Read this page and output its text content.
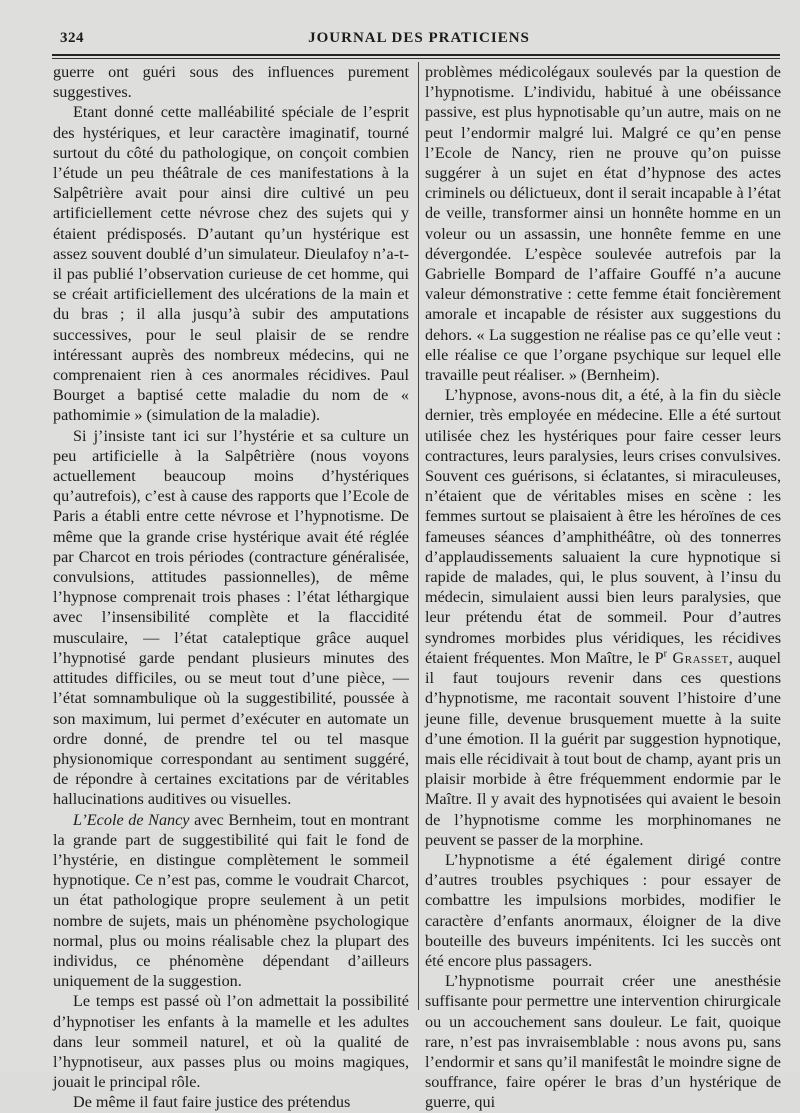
324	JOURNAL DES PRATICIENS

guerre ont guéri sous des influences purement suggestives.

Etant donné cette malléabilité spéciale de l’esprit des hystériques, et leur caractère imaginatif, tourné surtout du côté du pathologique, on conçoit combien l’étude un peu théâtrale de ces manifestations à la Salpêtrière avait pour ainsi dire cultivé un peu artificiellement cette névrose chez des sujets qui y étaient prédisposés. D’autant qu’un hystérique est assez souvent doublé d’un simulateur. Dieulafoy n’a-t-il pas publié l’observation curieuse de cet homme, qui se créait artificiellement des ulcérations de la main et du bras ; il alla jusqu’à subir des amputations successives, pour le seul plaisir de se rendre intéressant auprès des nombreux médecins, qui ne comprenaient rien à ces anormales récidives. Paul Bourget a baptisé cette maladie du nom de « pathomimie » (simulation de la maladie).

Si j’insiste tant ici sur l’hystérie et sa culture un peu artificielle à la Salpêtrière (nous voyons actuellement beaucoup moins d’hystériques qu’autrefois), c’est à cause des rapports que l’Ecole de Paris a établi entre cette névrose et l’hypnotisme. De même que la grande crise hystérique avait été réglée par Charcot en trois périodes (contracture généralisée, convulsions, attitudes passionnelles), de même l’hypnose comprenait trois phases : l’état léthargique avec l’insensibilité complète et la flaccidité musculaire, — l’état cataleptique grâce auquel l’hypnotisé garde pendant plusieurs minutes des attitudes difficiles, ou se meut tout d’une pièce, — l’état somnambulique où la suggestibilité, poussée à son maximum, lui permet d’exécuter en automate un ordre donné, de prendre tel ou tel masque physionomique correspondant au sentiment suggéré, de répondre à certaines excitations par de véritables hallucinations auditives ou visuelles.

L’Ecole de Nancy avec Bernheim, tout en montrant la grande part de suggestibilité qui fait le fond de l’hystérie, en distingue complètement le sommeil hypnotique. Ce n’est pas, comme le voudrait Charcot, un état pathologique propre seulement à un petit nombre de sujets, mais un phénomène psychologique normal, plus ou moins réalisable chez la plupart des individus, ce phénomène dépendant d’ailleurs uniquement de la suggestion.

Le temps est passé où l’on admettait la possibilité d’hypnotiser les enfants à la mamelle et les adultes dans leur sommeil naturel, et où la qualité de l’hypnotiseur, aux passes plus ou moins magiques, jouait le principal rôle.

De même il faut faire justice des prétendus

problèmes médicolégaux soulevés par la question de l’hypnotisme. L’individu, habitué à une obéissance passive, est plus hypnotisable qu’un autre, mais on ne peut l’endormir malgré lui. Malgré ce qu’en pense l’Ecole de Nancy, rien ne prouve qu’on puisse suggérer à un sujet en état d’hypnose des actes criminels ou délictueux, dont il serait incapable à l’état de veille, transformer ainsi un honnête homme en un voleur ou un assassin, une honnête femme en une dévergondée. L’espèce soulevée autrefois par la Gabrielle Bompard de l’affaire Gouffé n’a aucune valeur démonstrative : cette femme était foncièrement amorale et incapable de résister aux suggestions du dehors. « La suggestion ne réalise pas ce qu’elle veut : elle réalise ce que l’organe psychique sur lequel elle travaille peut réaliser. » (Bernheim).

L’hypnose, avons-nous dit, a été, à la fin du siècle dernier, très employée en médecine. Elle a été surtout utilisée chez les hystériques pour faire cesser leurs contractures, leurs paralysies, leurs crises convulsives. Souvent ces guérisons, si éclatantes, si miraculeuses, n’étaient que de véritables mises en scène : les femmes surtout se plaisaient à être les héroïnes de ces fameuses séances d’amphithéâtre, où des tonnerres d’applaudissements saluaient la cure hypnotique si rapide de malades, qui, le plus souvent, à l’insu du médecin, simulaient aussi bien leurs paralysies, que leur prétendu état de sommeil. Pour d’autres syndromes morbides plus véridiques, les récidives étaient fréquentes. Mon Maître, le $P^r$ Grasset, auquel il faut toujours revenir dans ces questions d’hypnotisme, me racontait souvent l’histoire d’une jeune fille, devenue brusquement muette à la suite d’une émotion. Il la guérit par suggestion hypnotique, mais elle récidivait à tout bout de champ, ayant pris un plaisir morbide à être fréquemment endormie par le Maître. Il y avait des hypnotisées qui avaient le besoin de l’hypnotisme comme les morphinomanes ne peuvent se passer de la morphine.

L’hypnotisme a été également dirigé contre d’autres troubles psychiques : pour essayer de combattre les impulsions morbides, modifier le caractère d’enfants anormaux, éloigner de la dive bouteille des buveurs impénitents. Ici les succès ont été encore plus passagers.

L’hypnotisme pourrait créer une anesthésie suffisante pour permettre une intervention chirurgicale ou un accouchement sans douleur. Le fait, quoique rare, n’est pas invraisemblable : nous avons pu, sans l’endormir et sans qu’il manifestât le moindre signe de souffrance, faire opérer le bras d’un hystérique de guerre, qui
